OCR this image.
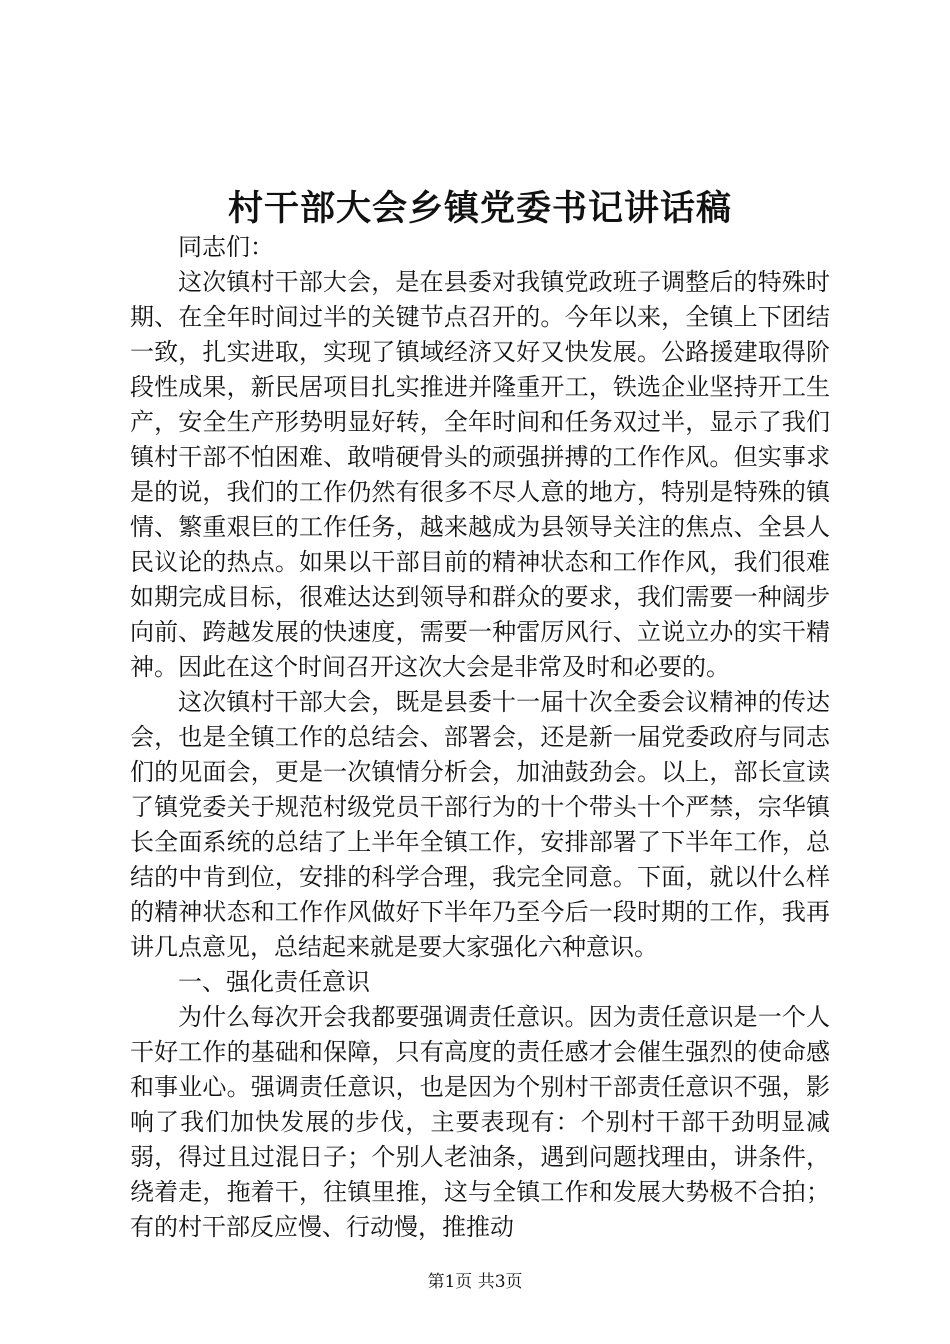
村干部大会乡镇党委书记讲话稿

同志们：

这次镇村干部大会，是在县委对我镇党政班子调整后的特殊时期、在全年时间过半的关键节点召开的。今年以来，全镇上下团结一致，扎实进取，实现了镇域经济又好又快发展。公路援建取得阶段性成果，新民居项目扎实推进并隆重开工，铁选企业坚持开工生产，安全生产形势明显好转，全年时间和任务双过半，显示了我们镇村干部不怕困难、敢啃硬骨头的顽强拼搏的工作作风。但实事求是的说，我们的工作仍然有很多不尽人意的地方，特别是特殊的镇情、繁重艰巨的工作任务，越来越成为县领导关注的焦点、全县人民议论的热点。如果以干部目前的精神状态和工作作风，我们很难如期完成目标，很难达达到领导和群众的要求，我们需要一种阔步向前、跨越发展的快速度，需要一种雷厉风行、立说立办的实干精神。因此在这个时间召开这次大会是非常及时和必要的。

这次镇村干部大会，既是县委十一届十次全委会议精神的传达会，也是全镇工作的总结会、部署会，还是新一届党委政府与同志们的见面会，更是一次镇情分析会，加油鼓劲会。以上，部长宣读了镇党委关于规范村级党员干部行为的十个带头十个严禁，宗华镇长全面系统的总结了上半年全镇工作，安排部署了下半年工作，总结的中肯到位，安排的科学合理，我完全同意。下面，就以什么样的精神状态和工作作风做好下半年乃至今后一段时期的工作，我再讲几点意见，总结起来就是要大家强化六种意识。

一、强化责任意识

为什么每次开会我都要强调责任意识。因为责任意识是一个人干好工作的基础和保障，只有高度的责任感才会催生强烈的使命感和事业心。强调责任意识，也是因为个别村干部责任意识不强，影响了我们加快发展的步伐，主要表现有：个别村干部干劲明显减弱，得过且过混日子；个别人老油条，遇到问题找理由，讲条件，绕着走，拖着干，往镇里推，这与全镇工作和发展大势极不合拍；有的村干部反应慢、行动慢，推推动

第1页 共3页
